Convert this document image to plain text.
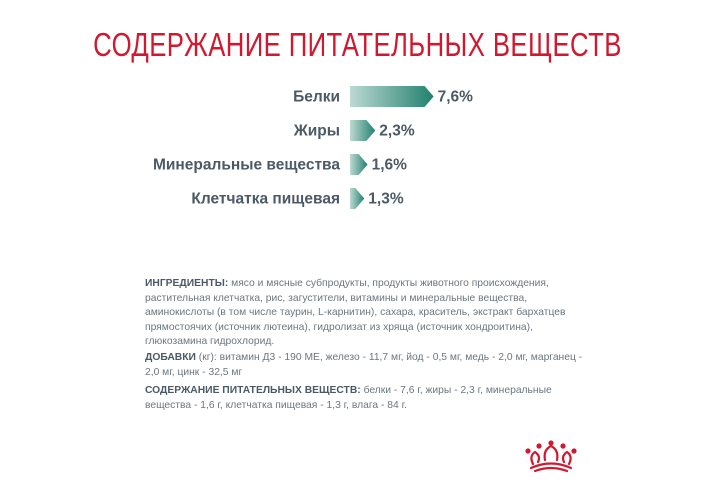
СОДЕРЖАНИЕ ПИТАТЕЛЬНЫХ ВЕЩЕСТВ
Белки	7,6%
Жиры	2,3%
Минеральные вещества 1,6%
Клетчатка пищевая 1,3%
ИНГРЕДИЕНТЫ: мясо и мясные субпродукты, продукты животного происхождения, растительная клетчатка, рис, загустители, витамины и минеральные вещества, аминокислоты (в том числе таурин, L-карнитин), сахара, краситель, экстракт бархатцев прямостоячих (источник лютеина), гидролизат из хряща (источник хондроитина), глюкозамина гидрохлорид.
ДОБАВКИ (кг): витамин Д3 - 190 МЕ, железо - 11,7 мг, йод - 0,5 мг, медь - 2,0 мг, марганец - 2,0 мг, цинк - 32,5 мг
СОДЕРЖАНИЕ ПИТАТЕЛЬНЫХ ВЕЩЕСТВ: белки - 7,6 г, жиры - 2,3 г, минеральные вещества - 1,6 г, клетчатка пищевая - 1,3 г, влага - 84 г.
